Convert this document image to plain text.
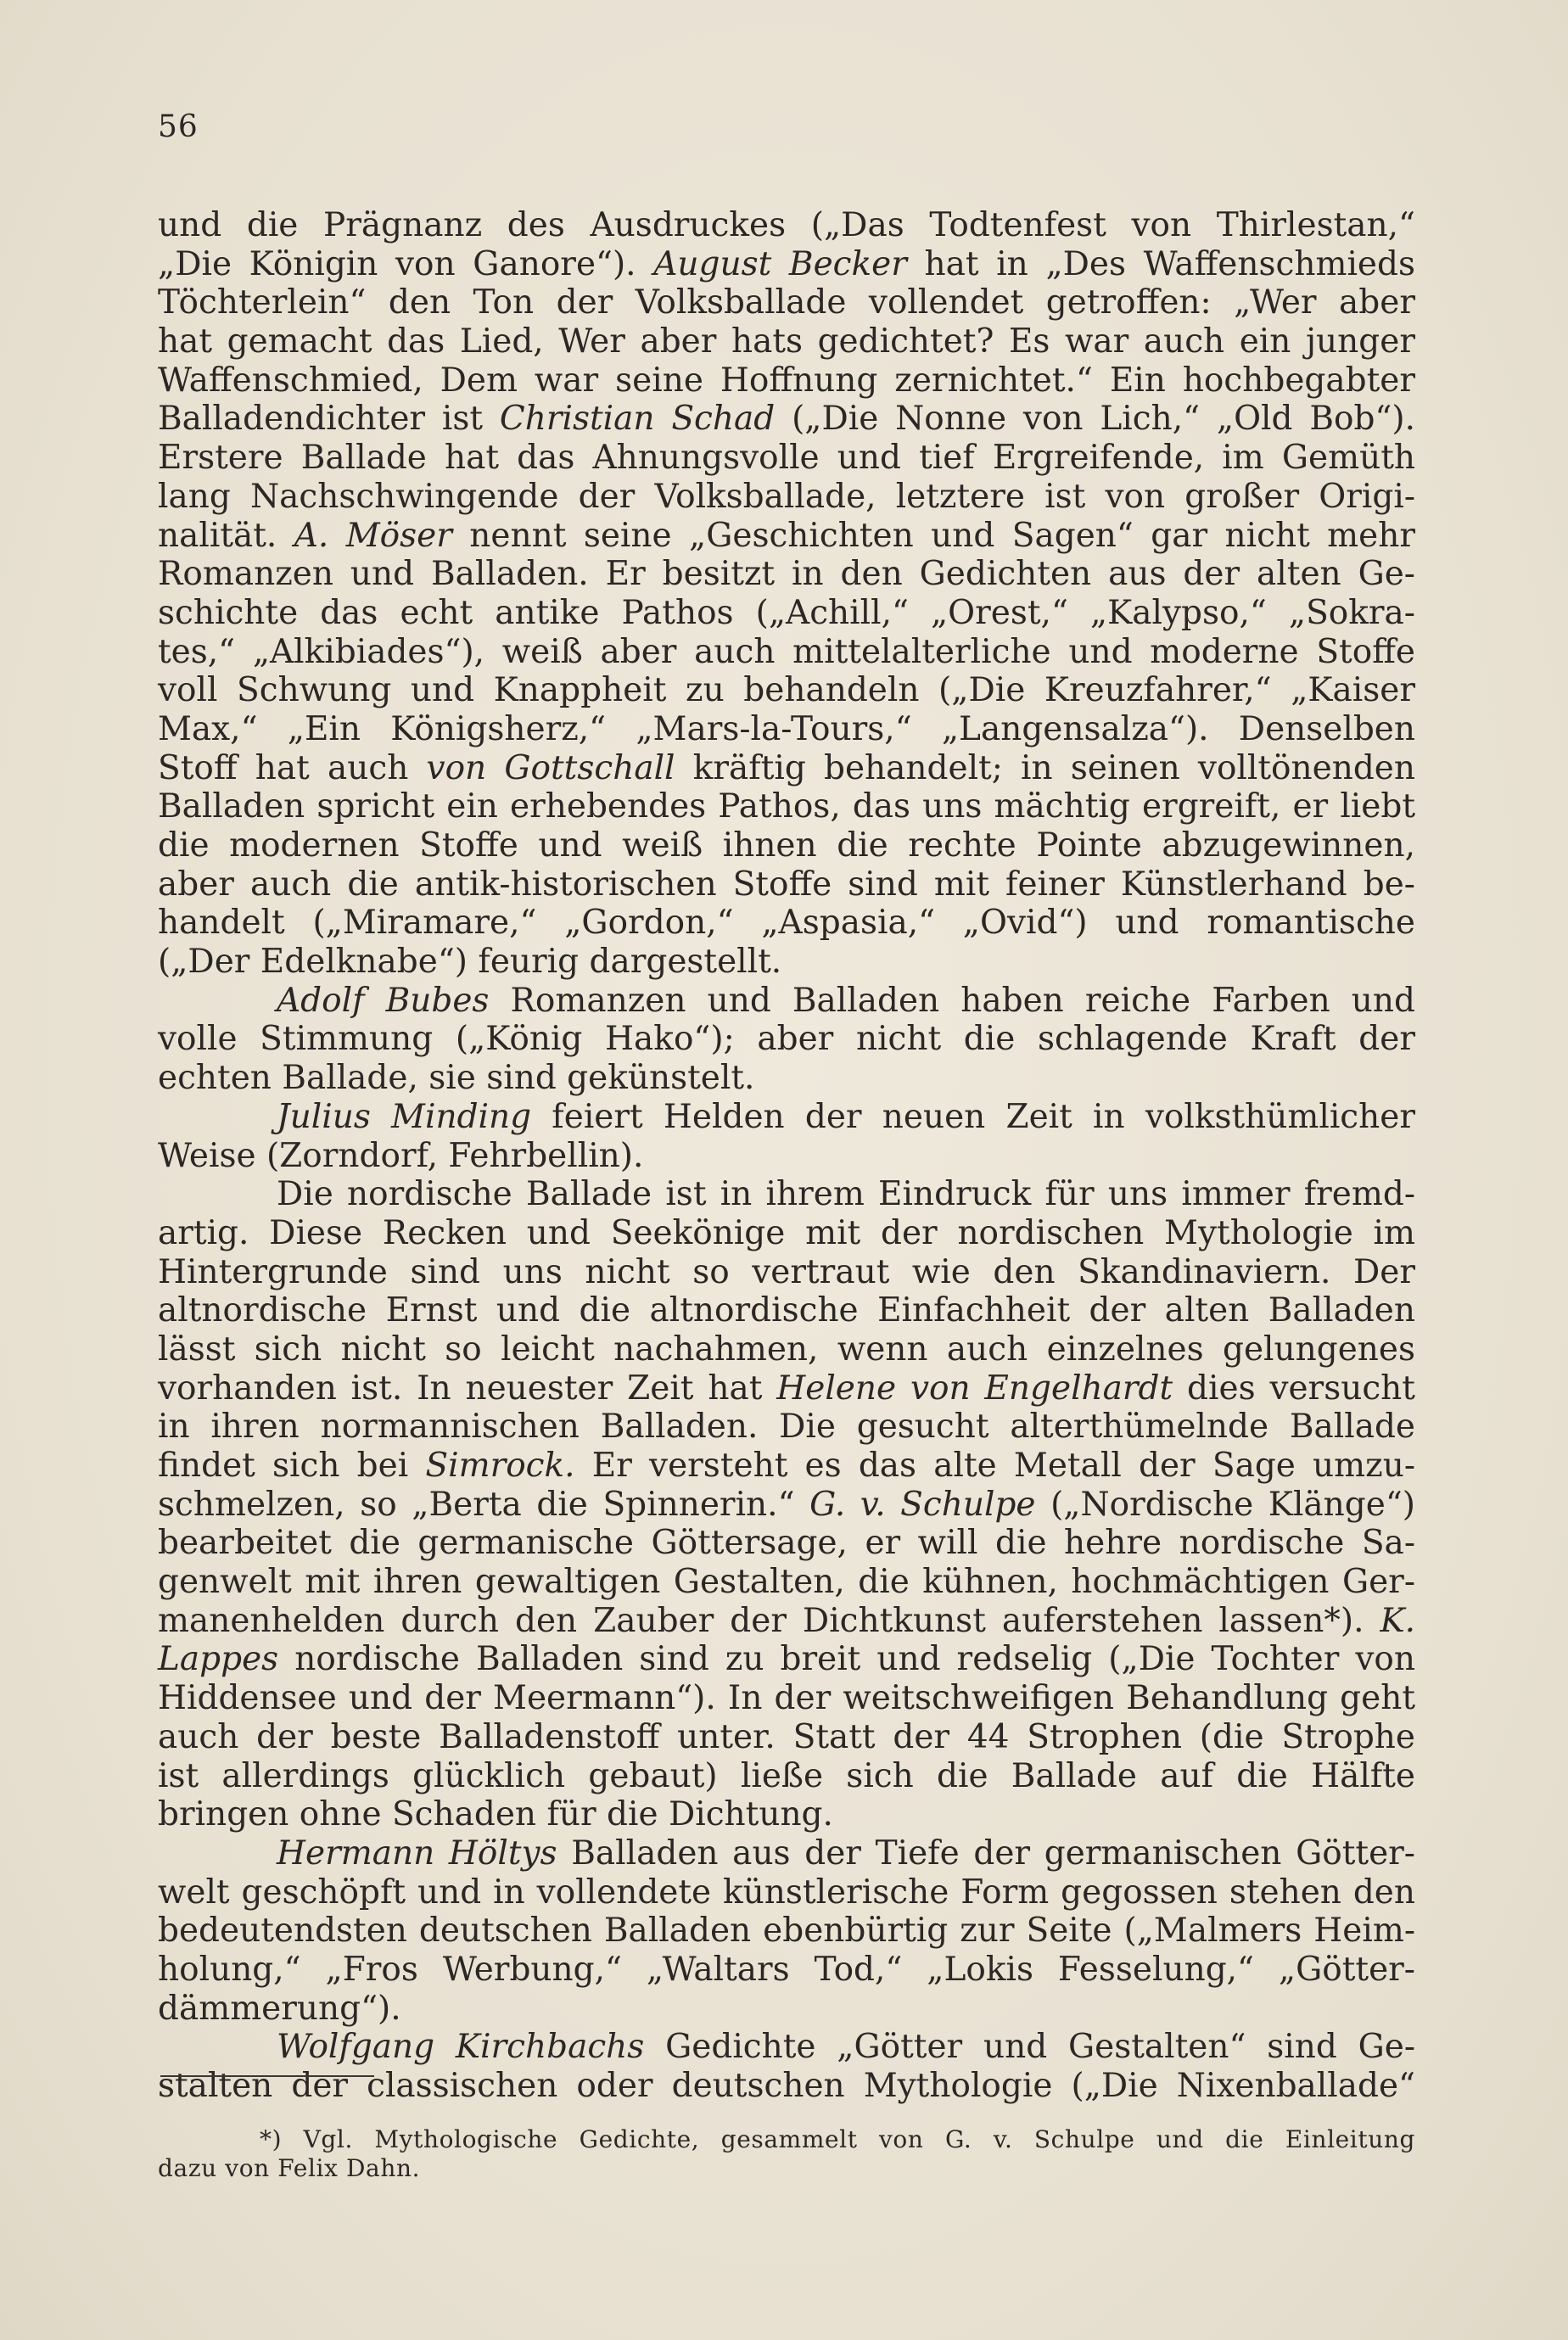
56
und die Prägnanz des Ausdruckes („Das Todtenfest von Thirlestan,“
„Die Königin von Ganore“). August Becker hat in „Des Waffenschmieds
Töchterlein“ den Ton der Volksballade vollendet getroffen: „Wer aber
hat gemacht das Lied, Wer aber hats gedichtet? Es war auch ein junger
Waffenschmied, Dem war seine Hoffnung zernichtet.“ Ein hochbegabter
Balladendichter ist Christian Schad („Die Nonne von Lich,“ „Old Bob“).
Erstere Ballade hat das Ahnungsvolle und tief Ergreifende, im Gemüth
lang Nachschwingende der Volksballade, letztere ist von großer Origi-
nalität. A. Möser nennt seine „Geschichten und Sagen“ gar nicht mehr
Romanzen und Balladen. Er besitzt in den Gedichten aus der alten Ge-
schichte das echt antike Pathos („Achill,“ „Orest,“ „Kalypso,“ „Sokra-
tes,“ „Alkibiades“), weiß aber auch mittelalterliche und moderne Stoffe
voll Schwung und Knappheit zu behandeln („Die Kreuzfahrer,“ „Kaiser
Max,“ „Ein Königsherz,“ „Mars-la-Tours,“ „Langensalza“). Denselben
Stoff hat auch von Gottschall kräftig behandelt; in seinen volltönenden
Balladen spricht ein erhebendes Pathos, das uns mächtig ergreift, er liebt
die modernen Stoffe und weiß ihnen die rechte Pointe abzugewinnen,
aber auch die antik-historischen Stoffe sind mit feiner Künstlerhand be-
handelt („Miramare,“ „Gordon,“ „Aspasia,“ „Ovid“) und romantische
(„Der Edelknabe“) feurig dargestellt.
Adolf Bubes Romanzen und Balladen haben reiche Farben und
volle Stimmung („König Hako“); aber nicht die schlagende Kraft der
echten Ballade, sie sind gekünstelt.
Julius Minding feiert Helden der neuen Zeit in volksthümlicher
Weise (Zorndorf, Fehrbellin).
Die nordische Ballade ist in ihrem Eindruck für uns immer fremd-
artig. Diese Recken und Seekönige mit der nordischen Mythologie im
Hintergrunde sind uns nicht so vertraut wie den Skandinaviern. Der
altnordische Ernst und die altnordische Einfachheit der alten Balladen
lässt sich nicht so leicht nachahmen, wenn auch einzelnes gelungenes
vorhanden ist. In neuester Zeit hat Helene von Engelhardt dies versucht
in ihren normannischen Balladen. Die gesucht alterthümelnde Ballade
findet sich bei Simrock. Er versteht es das alte Metall der Sage umzu-
schmelzen, so „Berta die Spinnerin.“ G. v. Schulpe („Nordische Klänge“)
bearbeitet die germanische Göttersage, er will die hehre nordische Sa-
genwelt mit ihren gewaltigen Gestalten, die kühnen, hochmächtigen Ger-
manenhelden durch den Zauber der Dichtkunst auferstehen lassen*). K.
Lappes nordische Balladen sind zu breit und redselig („Die Tochter von
Hiddensee und der Meermann“). In der weitschweifigen Behandlung geht
auch der beste Balladenstoff unter. Statt der 44 Strophen (die Strophe
ist allerdings glücklich gebaut) ließe sich die Ballade auf die Hälfte
bringen ohne Schaden für die Dichtung.
Hermann Höltys Balladen aus der Tiefe der germanischen Götter-
welt geschöpft und in vollendete künstlerische Form gegossen stehen den
bedeutendsten deutschen Balladen ebenbürtig zur Seite („Malmers Heim-
holung,“ „Fros Werbung,“ „Waltars Tod,“ „Lokis Fesselung,“ „Götter-
dämmerung“).
Wolfgang Kirchbachs Gedichte „Götter und Gestalten“ sind Ge-
stalten der classischen oder deutschen Mythologie („Die Nixenballade“
*) Vgl. Mythologische Gedichte, gesammelt von G. v. Schulpe und die Einleitung
dazu von Felix Dahn.
